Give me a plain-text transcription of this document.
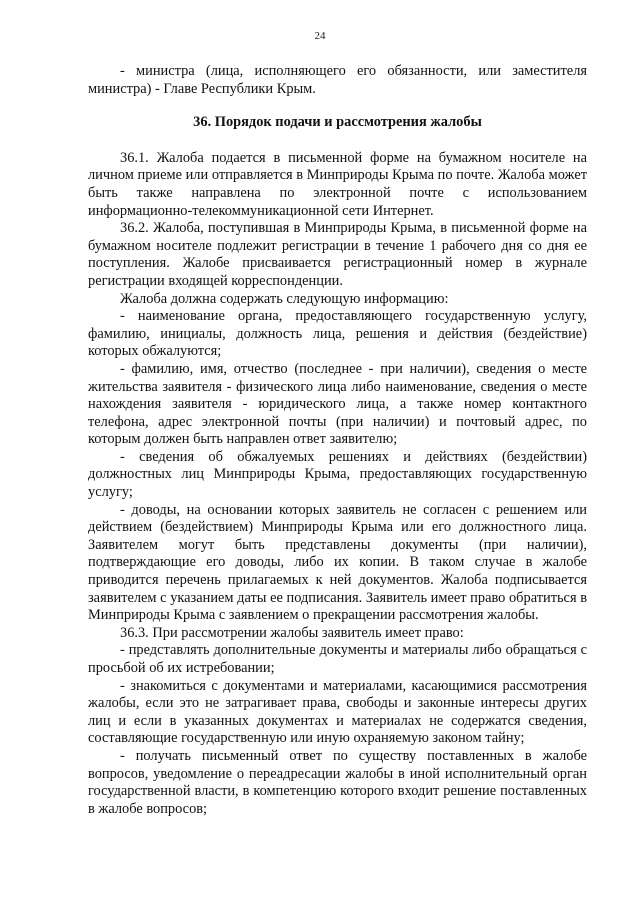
24

- министра (лица, исполняющего его обязанности, или заместителя министра) - Главе Республики Крым.

36. Порядок подачи и рассмотрения жалобы

36.1. Жалоба подается в письменной форме на бумажном носителе на личном приеме или отправляется в Минприроды Крыма по почте. Жалоба может быть также направлена по электронной почте с использованием информационно-телекоммуникационной сети Интернет.

36.2. Жалоба, поступившая в Минприроды Крыма, в письменной форме на бумажном носителе подлежит регистрации в течение 1 рабочего дня со дня ее поступления. Жалобе присваивается регистрационный номер в журнале регистрации входящей корреспонденции.

Жалоба должна содержать следующую информацию:

- наименование органа, предоставляющего государственную услугу, фамилию, инициалы, должность лица, решения и действия (бездействие) которых обжалуются;

- фамилию, имя, отчество (последнее - при наличии), сведения о месте жительства заявителя - физического лица либо наименование, сведения о месте нахождения заявителя - юридического лица, а также номер контактного телефона, адрес электронной почты (при наличии) и почтовый адрес, по которым должен быть направлен ответ заявителю;

- сведения об обжалуемых решениях и действиях (бездействии) должностных лиц Минприроды Крыма, предоставляющих государственную услугу;

- доводы, на основании которых заявитель не согласен с решением или действием (бездействием) Минприроды Крыма или его должностного лица. Заявителем могут быть представлены документы (при наличии), подтверждающие его доводы, либо их копии. В таком случае в жалобе приводится перечень прилагаемых к ней документов. Жалоба подписывается заявителем с указанием даты ее подписания. Заявитель имеет право обратиться в Минприроды Крыма с заявлением о прекращении рассмотрения жалобы.

36.3. При рассмотрении жалобы заявитель имеет право:

- представлять дополнительные документы и материалы либо обращаться с просьбой об их истребовании;

- знакомиться с документами и материалами, касающимися рассмотрения жалобы, если это не затрагивает права, свободы и законные интересы других лиц и если в указанных документах и материалах не содержатся сведения, составляющие государственную или иную охраняемую законом тайну;

- получать письменный ответ по существу поставленных в жалобе вопросов, уведомление о переадресации жалобы в иной исполнительный орган государственной власти, в компетенцию которого входит решение поставленных в жалобе вопросов;
